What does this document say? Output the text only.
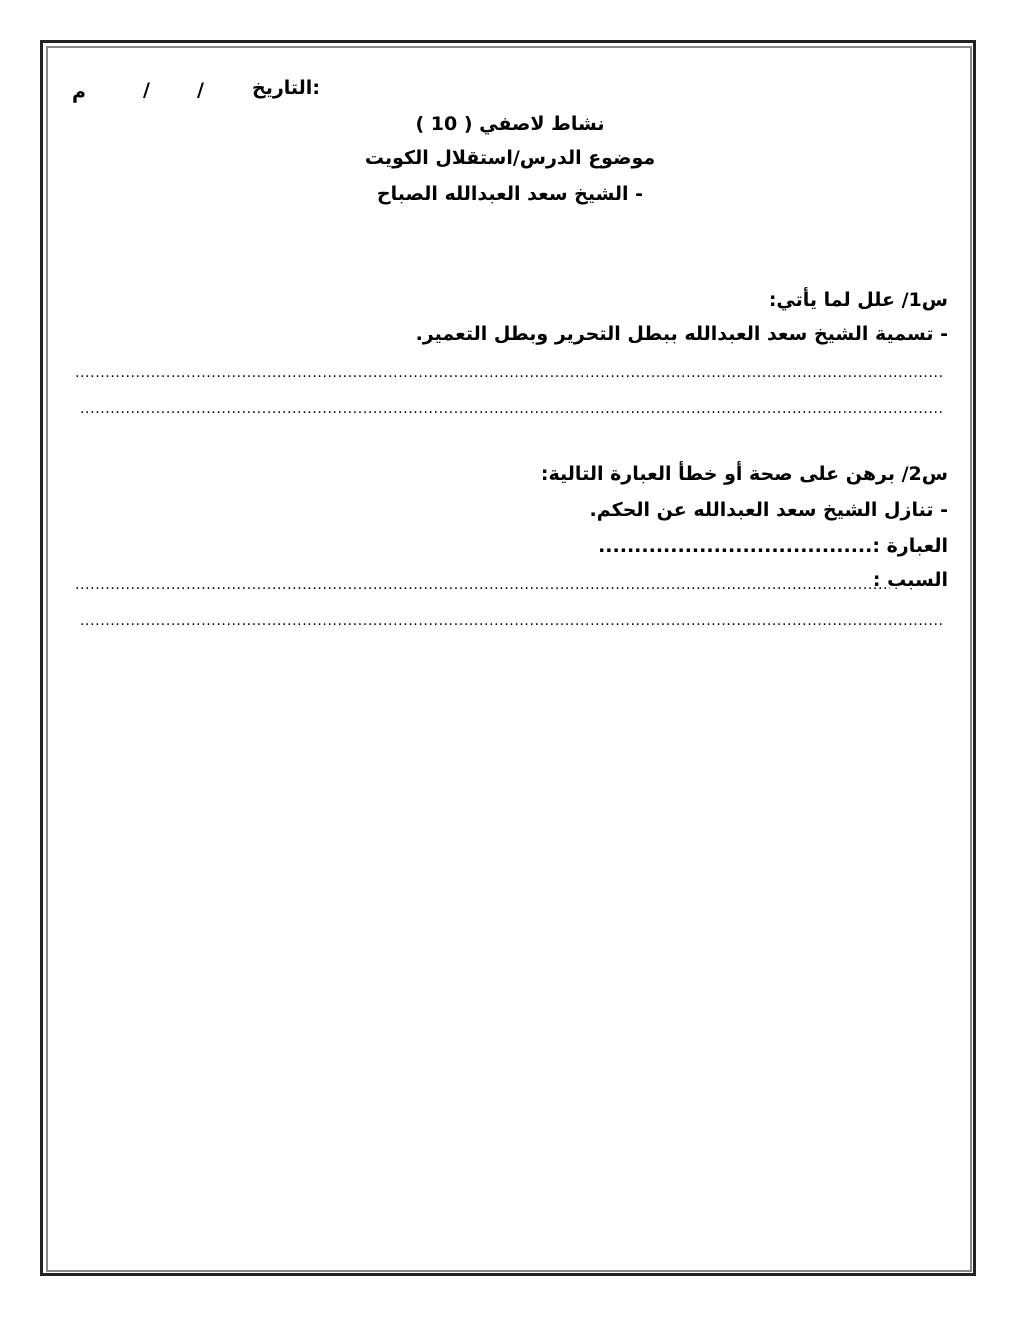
التاريخ:
/
/
م
نشاط لاصفي ( 10 )
موضوع الدرس/استقلال الكويت
- الشيخ سعد العبدالله الصباح
س1/ علل لما يأتي:
- تسمية الشيخ سعد العبدالله ببطل التحرير وبطل التعمير.
.....
.....
س2/ برهن على صحة أو خطأ العبارة التالية:
- تنازل الشيخ سعد العبدالله عن الحكم.
العبارة :......................................
السبب :
.....
.....
